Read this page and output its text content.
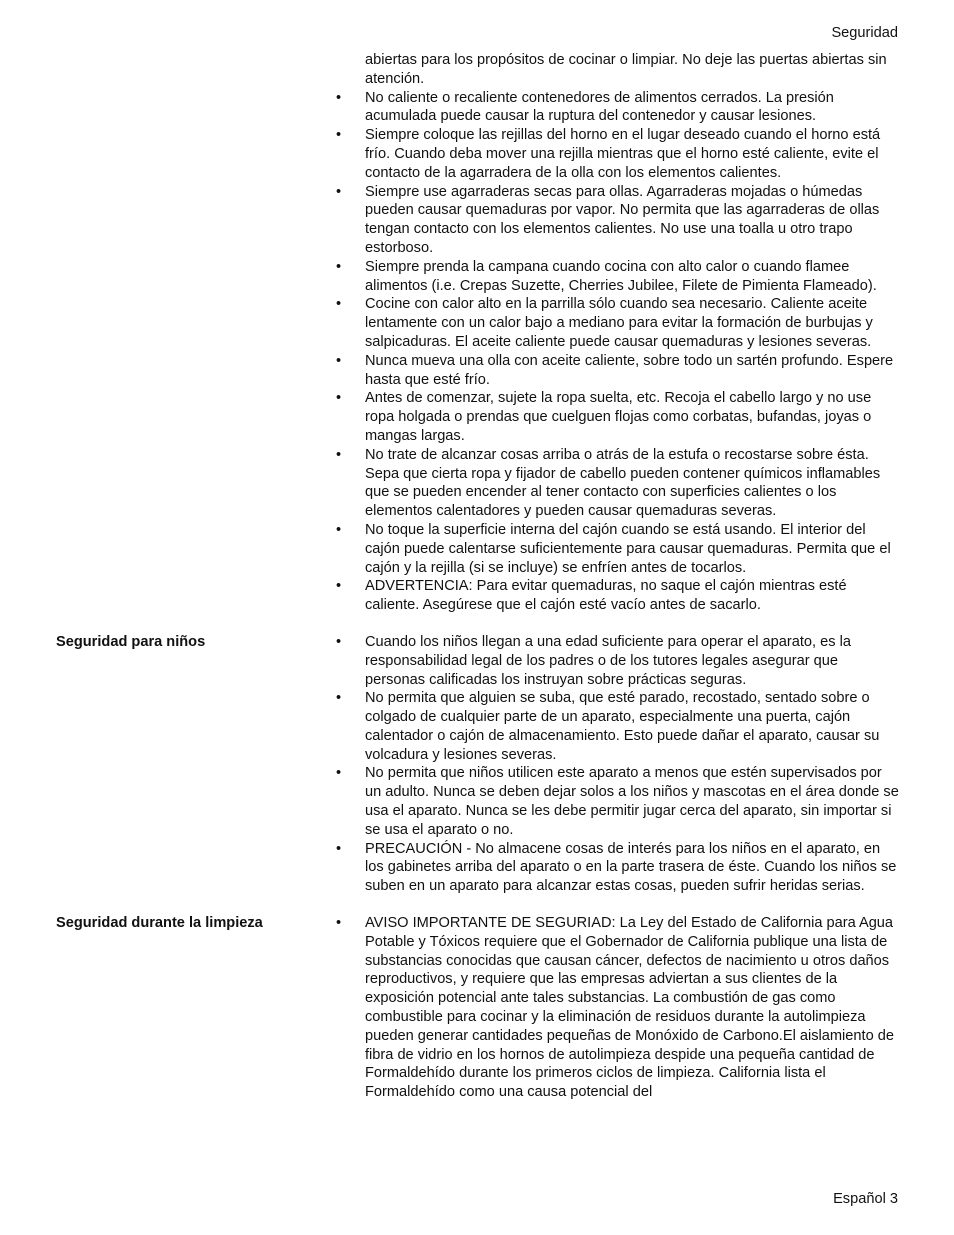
Seguridad

abiertas para los propósitos de cocinar o limpiar. No deje las puertas abiertas sin atención.

•	No caliente o recaliente contenedores de alimentos cerrados. La presión acumulada puede causar la ruptura del contenedor y causar lesiones.
•	Siempre coloque las rejillas del horno en el lugar deseado cuando el horno está frío. Cuando deba mover una rejilla mientras que el horno esté caliente, evite el contacto de la agarradera de la olla con los elementos calientes.
•	Siempre use agarraderas secas para ollas. Agarraderas mojadas o húmedas pueden causar quemaduras por vapor. No permita que las agarraderas de ollas tengan contacto con los elementos calientes. No use una toalla u otro trapo estorboso.
•	Siempre prenda la campana cuando cocina con alto calor o cuando flamee alimentos (i.e. Crepas Suzette, Cherries Jubilee, Filete de Pimienta Flameado).
•	Cocine con calor alto en la parrilla sólo cuando sea necesario. Caliente aceite lentamente con un calor bajo a mediano para evitar la formación de burbujas y salpicaduras. El aceite caliente puede causar quemaduras y lesiones severas.
•	Nunca mueva una olla con aceite caliente, sobre todo un sartén profundo. Espere hasta que esté frío.
•	Antes de comenzar, sujete la ropa suelta, etc. Recoja el cabello largo y no use ropa holgada o prendas que cuelguen flojas como corbatas, bufandas, joyas o mangas largas.
•	No trate de alcanzar cosas arriba o atrás de la estufa o recostarse sobre ésta. Sepa que cierta ropa y fijador de cabello pueden contener químicos inflamables que se pueden encender al tener contacto con superficies calientes o los elementos calentadores y pueden causar quemaduras severas.
•	No toque la superficie interna del cajón cuando se está usando. El interior del cajón puede calentarse suficientemente para causar quemaduras. Permita que el cajón y la rejilla (si se incluye) se enfríen antes de tocarlos.
•	ADVERTENCIA: Para evitar quemaduras, no saque el cajón mientras esté caliente. Asegúrese que el cajón esté vacío antes de sacarlo.
Seguridad para niños	•	Cuando los niños llegan a una edad suficiente para operar el aparato, es la responsabilidad legal de los padres o de los tutores legales asegurar que personas calificadas los instruyan sobre prácticas seguras.
•	No permita que alguien se suba, que esté parado, recostado, sentado sobre o colgado de cualquier parte de un aparato, especialmente una puerta, cajón calentador o cajón de almacenamiento. Esto puede dañar el aparato, causar su volcadura y lesiones severas.
•	No permita que niños utilicen este aparato a menos que estén supervisados por un adulto. Nunca se deben dejar solos a los niños y mascotas en el área donde se usa el aparato. Nunca se les debe permitir jugar cerca del aparato, sin importar si se usa el aparato o no.
•	PRECAUCIÓN - No almacene cosas de interés para los niños en el aparato, en los gabinetes arriba del aparato o en la parte trasera de éste. Cuando los niños se suben en un aparato para alcanzar estas cosas, pueden sufrir heridas serias.
Seguridad durante la limpieza	•	AVISO IMPORTANTE DE SEGURIAD: La Ley del Estado de California para Agua Potable y Tóxicos requiere que el Gobernador de California publique una lista de substancias conocidas que causan cáncer, defectos de nacimiento u otros daños reproductivos, y requiere que las empresas adviertan a sus clientes de la exposición potencial ante tales substancias. La combustión de gas como combustible para cocinar y la eliminación de residuos durante la autolimpieza pueden generar cantidades pequeñas de Monóxido de Carbono.El aislamiento de fibra de vidrio en los hornos de autolimpieza despide una pequeña cantidad de Formaldehído durante los primeros ciclos de limpieza. California lista el Formaldehído como una causa potencial del

Español 3
